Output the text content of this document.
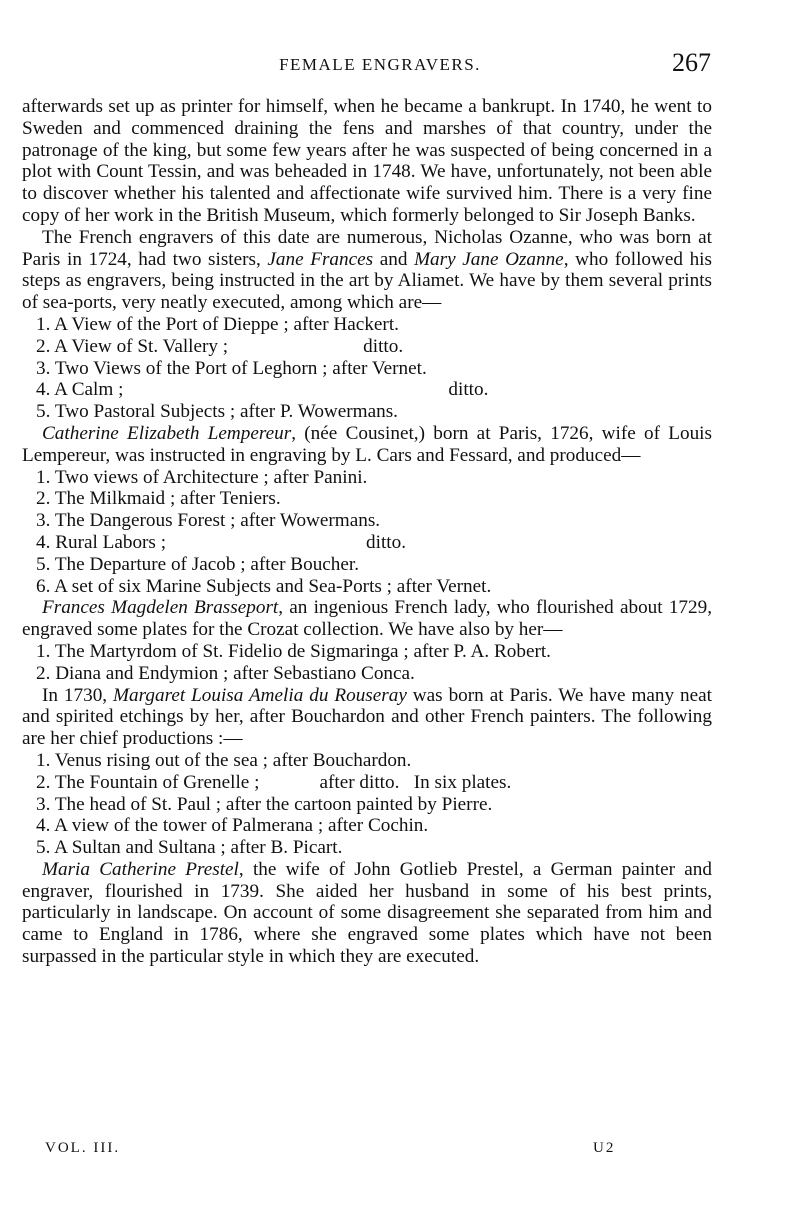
FEMALE ENGRAVERS.	267

afterwards set up as printer for himself, when he became a bankrupt. In 1740, he went to Sweden and commenced draining the fens and marshes of that country, under the patronage of the king, but some few years after he was suspected of being concerned in a plot with Count Tessin, and was beheaded in 1748. We have, unfortunately, not been able to discover whether his talented and affectionate wife survived him. There is a very fine copy of her work in the British Museum, which formerly belonged to Sir Joseph Banks.

The French engravers of this date are numerous, Nicholas Ozanne, who was born at Paris in 1724, had two sisters, Jane Frances and Mary Jane Ozanne, who followed his steps as engravers, being instructed in the art by Aliamet. We have by them several prints of sea-ports, very neatly executed, among which are—

1. A View of the Port of Dieppe ; after Hackert.

2. A View of St. Vallery ;	ditto.

3. Two Views of the Port of Leghorn ; after Vernet.

4. A Calm ;	ditto.

5. Two Pastoral Subjects ; after P. Wowermans.

Catherine Elizabeth Lempereur, (née Cousinet,) born at Paris, 1726, wife of Louis Lempereur, was instructed in engraving by L. Cars and Fessard, and produced—

1. Two views of Architecture ; after Panini.

2. The Milkmaid ; after Teniers.

3. The Dangerous Forest ; after Wowermans.

4. Rural Labors ;	ditto.

5. The Departure of Jacob ; after Boucher.

6. A set of six Marine Subjects and Sea-Ports ; after Vernet.

Frances Magdelen Brasseport, an ingenious French lady, who flourished about 1729, engraved some plates for the Crozat collection. We have also by her—

1. The Martyrdom of St. Fidelio de Sigmaringa ; after P. A. Robert.

2. Diana and Endymion ; after Sebastiano Conca.

In 1730, Margaret Louisa Amelia du Rouseray was born at Paris. We have many neat and spirited etchings by her, after Bouchardon and other French painters. The following are her chief productions :—

1. Venus rising out of the sea ; after Bouchardon.

2. The Fountain of Grenelle ;	after ditto.   In six plates.

3. The head of St. Paul ; after the cartoon painted by Pierre.

4. A view of the tower of Palmerana ; after Cochin.

5. A Sultan and Sultana ; after B. Picart.

Maria Catherine Prestel, the wife of John Gotlieb Prestel, a German painter and engraver, flourished in 1739. She aided her husband in some of his best prints, particularly in landscape. On account of some disagreement she separated from him and came to England in 1786, where she engraved some plates which have not been surpassed in the particular style in which they are executed.

VOL. III.	U2
